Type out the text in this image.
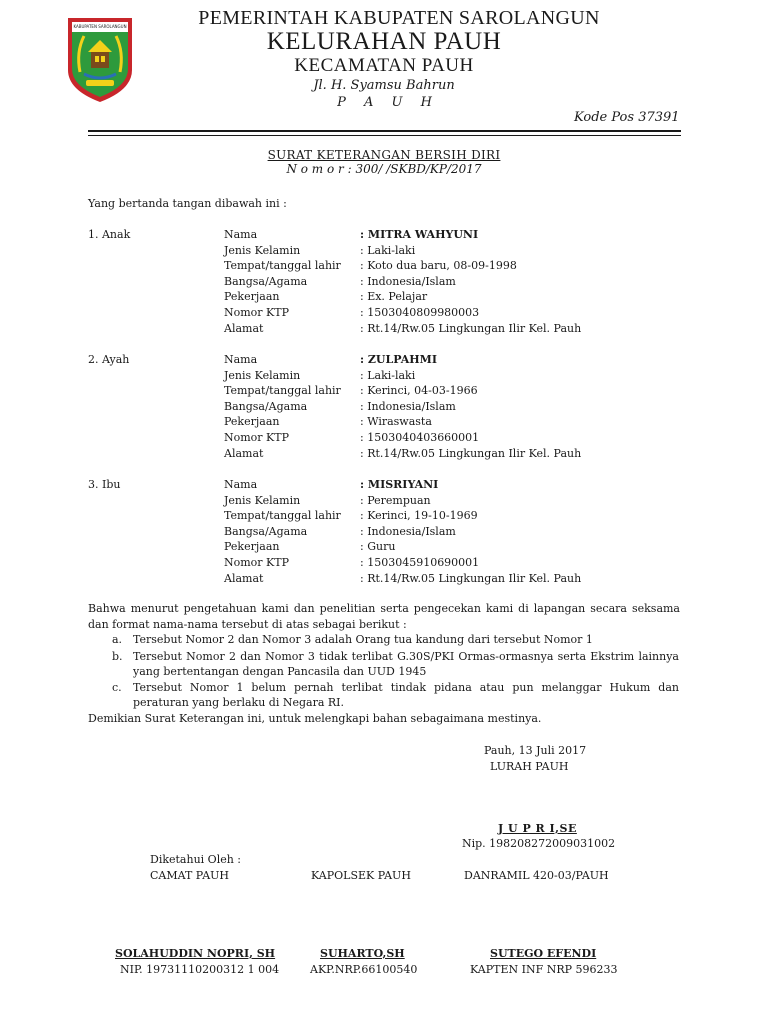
KABUPATEN SAROLANGUN	PEMERINTAH KABUPATEN SAROLANGUN
KELURAHAN PAUH
KECAMATAN PAUH
Jl. H. Syamsu Bahrun
P A U H
Kode Pos 37391
SURAT KETERANGAN BERSIH DIRI
N o m o r : 300/ /SKBD/KP/2017
Yang bertanda tangan dibawah ini :
1. Anak	Nama	: MITRA WAHYUNI
Jenis Kelamin	: Laki-laki
Tempat/tanggal lahir : Koto dua baru, 08-09-1998
Bangsa/Agama	: Indonesia/Islam
Pekerjaan	: Ex. Pelajar
Nomor KTP	: 1503040809980003
Alamat	: Rt.14/Rw.05 Lingkungan Ilir Kel. Pauh
2. Ayah	Nama	: ZULPAHMI
Jenis Kelamin	: Laki-laki
Tempat/tanggal lahir : Kerinci, 04-03-1966
Bangsa/Agama	: Indonesia/Islam
Pekerjaan	: Wiraswasta
Nomor KTP	: 1503040403660001
Alamat	: Rt.14/Rw.05 Lingkungan Ilir Kel. Pauh
3. Ibu	Nama	: MISRIYANI
Jenis Kelamin	: Perempuan
Tempat/tanggal lahir : Kerinci, 19-10-1969
Bangsa/Agama	: Indonesia/Islam
Pekerjaan	: Guru
Nomor KTP	: 1503045910690001
Alamat	: Rt.14/Rw.05 Lingkungan Ilir Kel. Pauh
Bahwa menurut pengetahuan kami dan penelitian serta pengecekan kami di lapangan secara seksama
dan format nama-nama tersebut di atas sebagai berikut :
a. Tersebut Nomor 2 dan Nomor 3 adalah Orang tua kandung dari tersebut Nomor 1
b. Tersebut Nomor 2 dan Nomor 3 tidak terlibat G.30S/PKI Ormas-ormasnya serta Ekstrim lainnya
yang bertentangan dengan Pancasila dan UUD 1945
c. Tersebut Nomor 1 belum pernah terlibat tindak pidana atau pun melanggar Hukum dan
peraturan yang berlaku di Negara RI.
Demikian Surat Keterangan ini, untuk melengkapi bahan sebagaimana mestinya.
Pauh, 13 Juli 2017
LURAH PAUH
J U P R I,SE
Nip. 198208272009031002
Diketahui Oleh :
CAMAT PAUH	KAPOLSEK PAUH	DANRAMIL 420-03/PAUH
SOLAHUDDIN NOPRI, SH	SUHARTO,SH	SUTEGO EFENDI
NIP. 19731110200312 1 004	AKP.NRP.66100540	KAPTEN INF NRP 596233
